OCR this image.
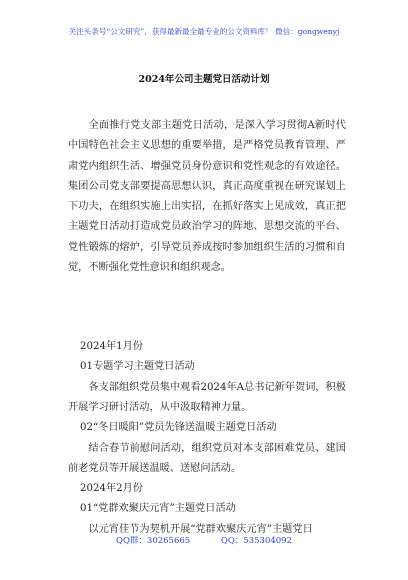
关注头条号“公文研究”，获得最新最全最专业的公文资料库！ 微信：gongwenyj
2024年公司主题党日活动计划
全面推行党支部主题党日活动，是深入学习贯彻A新时代中国特色社会主义思想的重要举措，是严格党员教育管理、严肃党内组织生活、增强党员身份意识和党性观念的有效途径。集团公司党支部要提高思想认识，真正高度重视在研究谋划上下功夫，在组织实施上出实招，在抓好落实上见成效，真正把主题党日活动打造成党员政治学习的阵地、思想交流的平台、党性锻炼的熔炉，引导党员养成按时参加组织生活的习惯和自觉，不断强化党性意识和组织观念。
2024年1月份
01专题学习主题党日活动
各支部组织党员集中观看2024年A总书记新年贺词，积极开展学习研讨活动，从中汲取精神力量。
02“冬日暖阳”党员先锋送温暖主题党日活动
结合春节前慰问活动，组织党员对本支部困难党员、建国前老党员等开展送温暖、送慰问活动。
2024年2月份
01“党群欢聚庆元宵”主题党日活动
以元宵佳节为契机开展“党群欢聚庆元宵”主题党日
QQ群：30265665	QQ：535304092
